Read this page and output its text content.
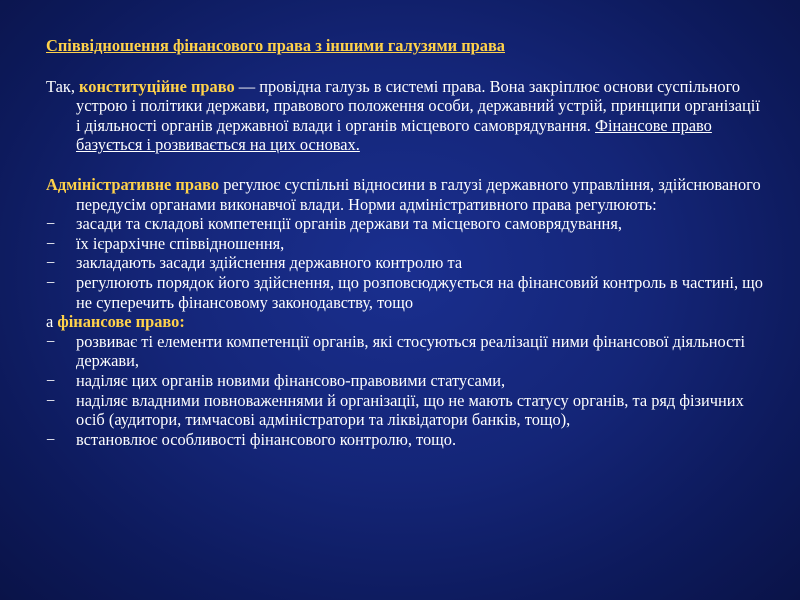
Співвідношення фінансового права з іншими галузями права
Так, конституційне право — провідна галузь в системі права. Вона закріплює основи суспільного устрою і політики держави, правового положення особи, державний устрій, принципи організації і діяльності органів державної влади і органів місцевого самоврядування. Фінансове право базується і розвивається на цих основах.
Адміністративне право регулює суспільні відносини в галузі державного управління, здійснюваного передусім органами виконавчої влади. Норми адміністративного права регулюють:
− засади та складові компетенції органів держави та місцевого самоврядування,
− їх ієрархічне співвідношення,
− закладають засади здійснення державного контролю та
− регулюють порядок його здійснення, що розповсюджується на фінансовий контроль в частині, що не суперечить фінансовому законодавству, тощо
а фінансове право:
− розвиває ті елементи компетенції органів, які стосуються реалізації ними фінансової діяльності держави,
− наділяє цих органів новими фінансово-правовими статусами,
− наділяє владними повноваженнями й організації, що не мають статусу органів, та ряд фізичних осіб (аудитори, тимчасові адміністратори та ліквідатори банків, тощо),
− встановлює особливості фінансового контролю, тощо.
